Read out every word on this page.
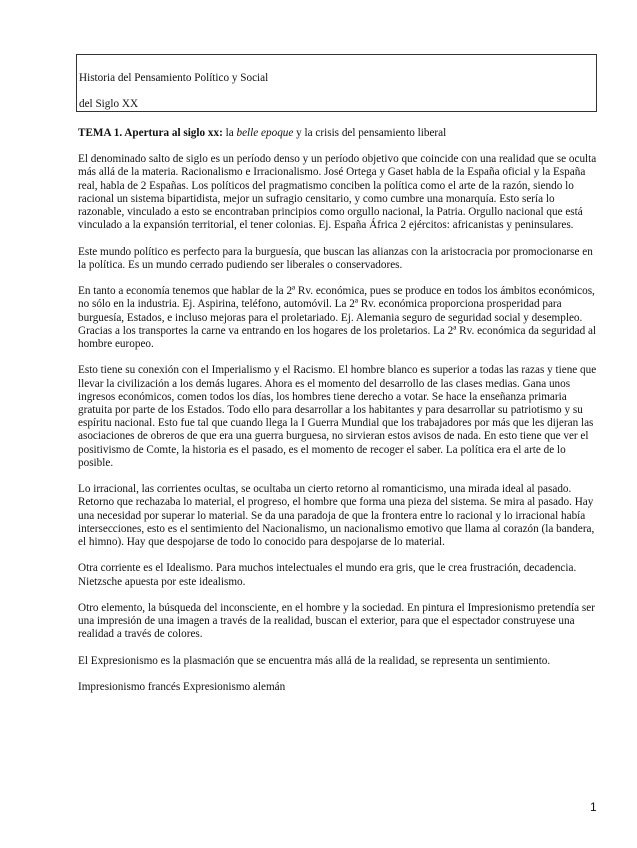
Historia del Pensamiento Político y Social
del Siglo XX

TEMA 1. Apertura al siglo xx: la belle epoque y la crisis del pensamiento liberal

El denominado salto de siglo es un período denso y un período objetivo que coincide con una realidad que se oculta más allá de la materia. Racionalismo e Irracionalismo. José Ortega y Gaset habla de la España oficial y la España real, habla de 2 Españas. Los políticos del pragmatismo conciben la política como el arte de la razón, siendo lo racional un sistema bipartidista, mejor un sufragio censitario, y como cumbre una monarquía. Esto sería lo razonable, vinculado a esto se encontraban principios como orgullo nacional, la Patria. Orgullo nacional que está vinculado a la expansión territorial, el tener colonias. Ej. España África 2 ejércitos: africanistas y peninsulares.

Este mundo político es perfecto para la burguesía, que buscan las alianzas con la aristocracia por promocionarse en la política. Es un mundo cerrado pudiendo ser liberales o conservadores.

En tanto a economía tenemos que hablar de la 2ª Rv. económica, pues se produce en todos los ámbitos económicos, no sólo en la industria. Ej. Aspirina, teléfono, automóvil. La 2ª Rv. económica proporciona prosperidad para burguesía, Estados, e incluso mejoras para el proletariado. Ej. Alemania seguro de seguridad social y desempleo. Gracias a los transportes la carne va entrando en los hogares de los proletarios. La 2ª Rv. económica da seguridad al hombre europeo.

Esto tiene su conexión con el Imperialismo y el Racismo. El hombre blanco es superior a todas las razas y tiene que llevar la civilización a los demás lugares. Ahora es el momento del desarrollo de las clases medias. Gana unos ingresos económicos, comen todos los días, los hombres tiene derecho a votar. Se hace la enseñanza primaria gratuita por parte de los Estados. Todo ello para desarrollar a los habitantes y para desarrollar su patriotismo y su espíritu nacional. Esto fue tal que cuando llega la I Guerra Mundial que los trabajadores por más que les dijeran las asociaciones de obreros de que era una guerra burguesa, no sirvieran estos avisos de nada. En esto tiene que ver el positivismo de Comte, la historia es el pasado, es el momento de recoger el saber. La política era el arte de lo posible.

Lo irracional, las corrientes ocultas, se ocultaba un cierto retorno al romanticismo, una mirada ideal al pasado. Retorno que rechazaba lo material, el progreso, el hombre que forma una pieza del sistema. Se mira al pasado. Hay una necesidad por superar lo material. Se da una paradoja de que la frontera entre lo racional y lo irracional había intersecciones, esto es el sentimiento del Nacionalismo, un nacionalismo emotivo que llama al corazón (la bandera, el himno). Hay que despojarse de todo lo conocido para despojarse de lo material.

Otra corriente es el Idealismo. Para muchos intelectuales el mundo era gris, que le crea frustración, decadencia. Nietzsche apuesta por este idealismo.

Otro elemento, la búsqueda del inconsciente, en el hombre y la sociedad. En pintura el Impresionismo pretendía ser una impresión de una imagen a través de la realidad, buscan el exterior, para que el espectador construyese una realidad a través de colores.

El Expresionismo es la plasmación que se encuentra más allá de la realidad, se representa un sentimiento.

Impresionismo francés Expresionismo alemán

1
